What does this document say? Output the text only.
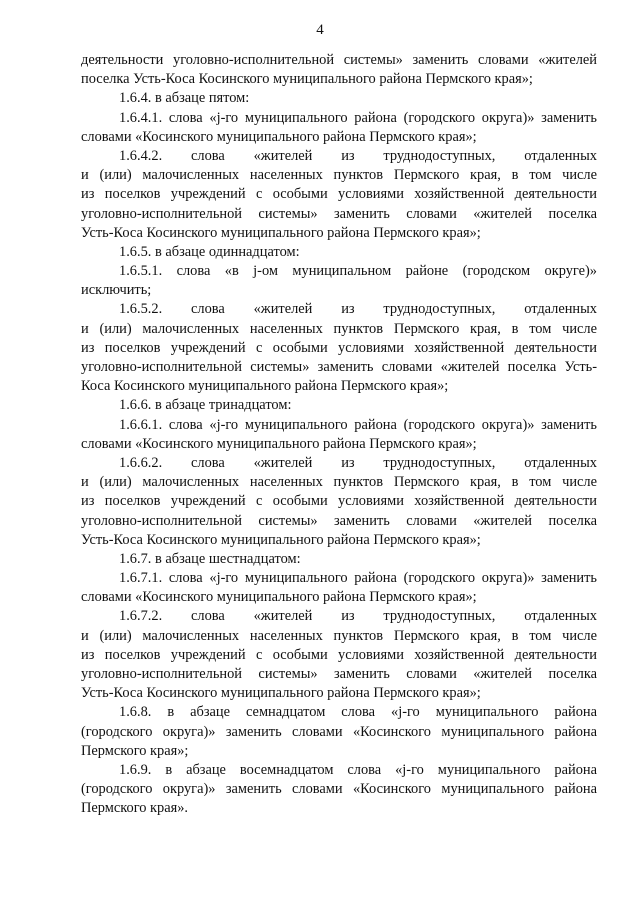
4
деятельности уголовно-исполнительной системы» заменить словами «жителей
поселка Усть-Коса Косинского муниципального района Пермского края»;
1.6.4. в абзаце пятом:
1.6.4.1. слова «j-го муниципального района (городского округа)» заменить
словами «Косинского муниципального района Пермского края»;
1.6.4.2. слова «жителей из труднодоступных, отдаленных
и (или) малочисленных населенных пунктов Пермского края, в том числе
из поселков учреждений с особыми условиями хозяйственной деятельности
уголовно-исполнительной системы» заменить словами «жителей поселка
Усть-Коса Косинского муниципального района Пермского края»;
1.6.5. в абзаце одиннадцатом:
1.6.5.1. слова «в j-ом муниципальном районе (городском округе)»
исключить;
1.6.5.2. слова «жителей из труднодоступных, отдаленных
и (или) малочисленных населенных пунктов Пермского края, в том числе
из поселков учреждений с особыми условиями хозяйственной деятельности
уголовно-исполнительной системы» заменить словами «жителей поселка Усть-
Коса Косинского муниципального района Пермского края»;
1.6.6. в абзаце тринадцатом:
1.6.6.1. слова «j-го муниципального района (городского округа)» заменить
словами «Косинского муниципального района Пермского края»;
1.6.6.2. слова «жителей из труднодоступных, отдаленных
и (или) малочисленных населенных пунктов Пермского края, в том числе
из поселков учреждений с особыми условиями хозяйственной деятельности
уголовно-исполнительной системы» заменить словами «жителей поселка
Усть-Коса Косинского муниципального района Пермского края»;
1.6.7. в абзаце шестнадцатом:
1.6.7.1. слова «j-го муниципального района (городского округа)» заменить
словами «Косинского муниципального района Пермского края»;
1.6.7.2. слова «жителей из труднодоступных, отдаленных
и (или) малочисленных населенных пунктов Пермского края, в том числе
из поселков учреждений с особыми условиями хозяйственной деятельности
уголовно-исполнительной системы» заменить словами «жителей поселка
Усть-Коса Косинского муниципального района Пермского края»;
1.6.8. в абзаце семнадцатом слова «j-го муниципального района
(городского округа)» заменить словами «Косинского муниципального района
Пермского края»;
1.6.9. в абзаце восемнадцатом слова «j-го муниципального района
(городского округа)» заменить словами «Косинского муниципального района
Пермского края».
